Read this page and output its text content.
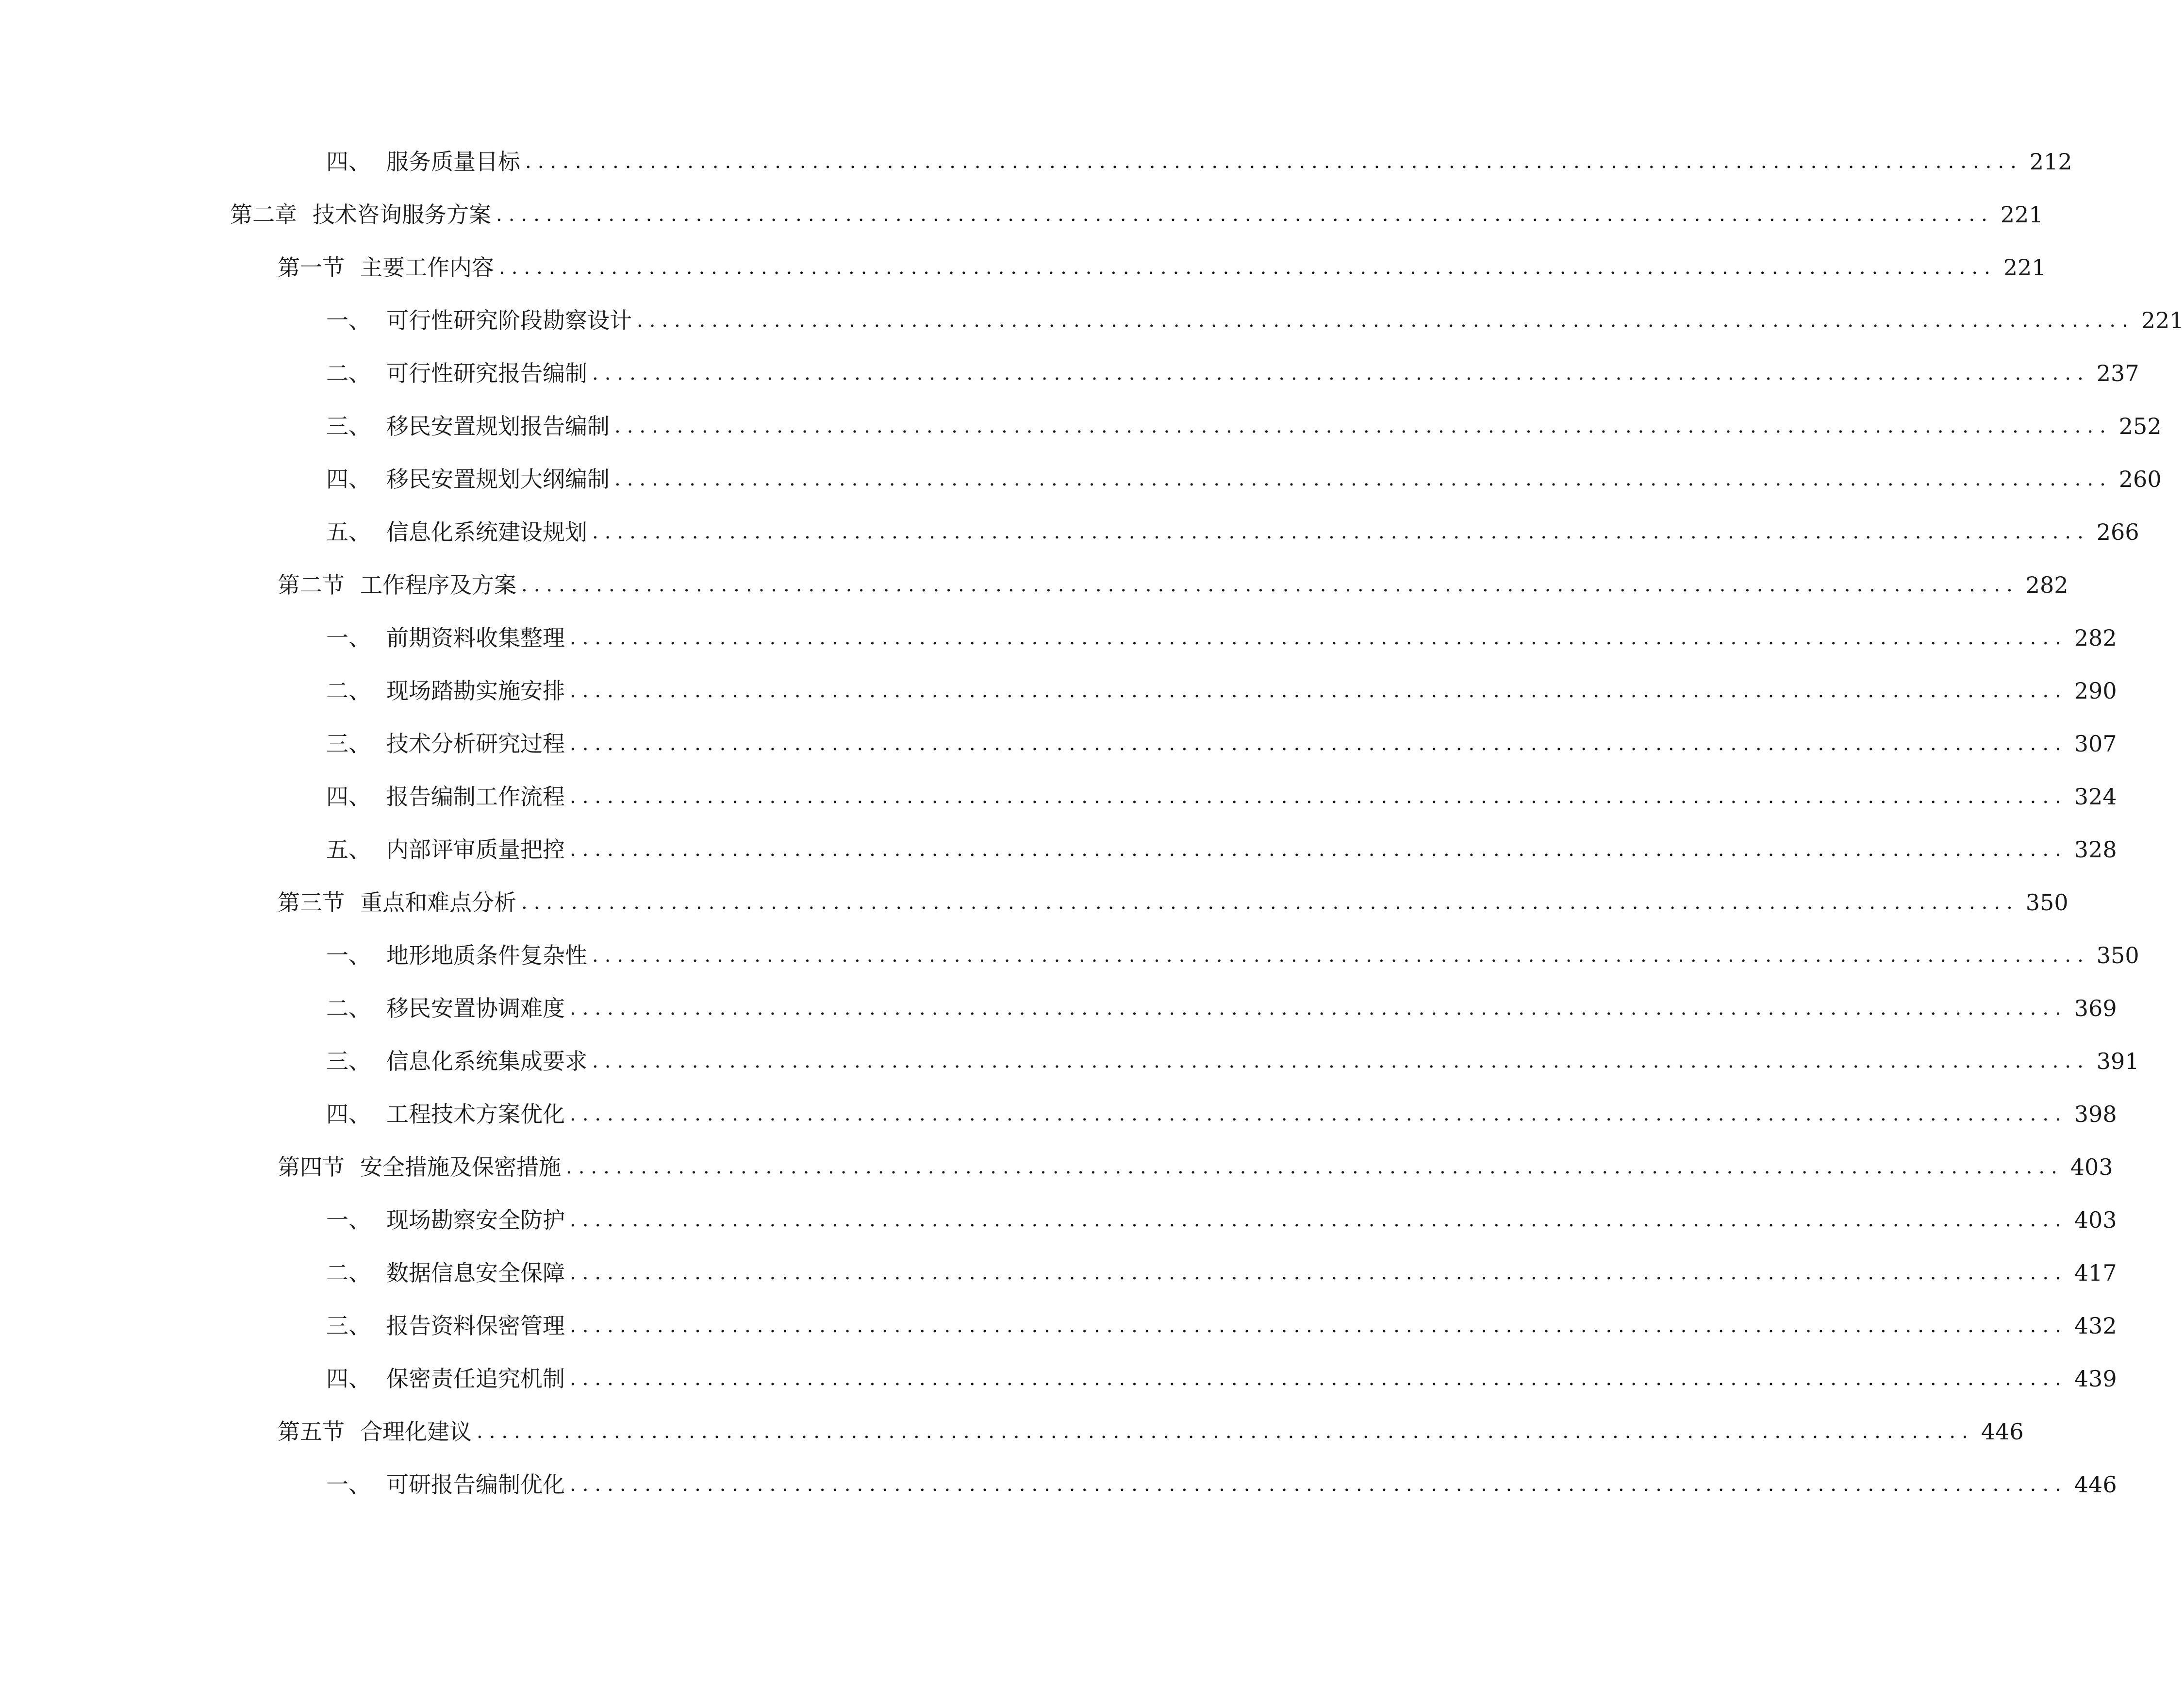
四、 服务质量目标 ........................................................................................................................ 212
第二章 技术咨询服务方案 ........................................................................................................................ 221
第一节 主要工作内容 ........................................................................................................................ 221
一、 可行性研究阶段勘察设计 ........................................................................................................................ 221
二、 可行性研究报告编制 ........................................................................................................................ 237
三、 移民安置规划报告编制 ........................................................................................................................ 252
四、 移民安置规划大纲编制 ........................................................................................................................ 260
五、 信息化系统建设规划 ........................................................................................................................ 266
第二节 工作程序及方案 ........................................................................................................................ 282
一、 前期资料收集整理 ........................................................................................................................ 282
二、 现场踏勘实施安排 ........................................................................................................................ 290
三、 技术分析研究过程 ........................................................................................................................ 307
四、 报告编制工作流程 ........................................................................................................................ 324
五、 内部评审质量把控 ........................................................................................................................ 328
第三节 重点和难点分析 ........................................................................................................................ 350
一、 地形地质条件复杂性 ........................................................................................................................ 350
二、 移民安置协调难度 ........................................................................................................................ 369
三、 信息化系统集成要求 ........................................................................................................................ 391
四、 工程技术方案优化 ........................................................................................................................ 398
第四节 安全措施及保密措施 ........................................................................................................................ 403
一、 现场勘察安全防护 ........................................................................................................................ 403
二、 数据信息安全保障 ........................................................................................................................ 417
三、 报告资料保密管理 ........................................................................................................................ 432
四、 保密责任追究机制 ........................................................................................................................ 439
第五节 合理化建议 ........................................................................................................................ 446
一、 可研报告编制优化 ........................................................................................................................ 446
